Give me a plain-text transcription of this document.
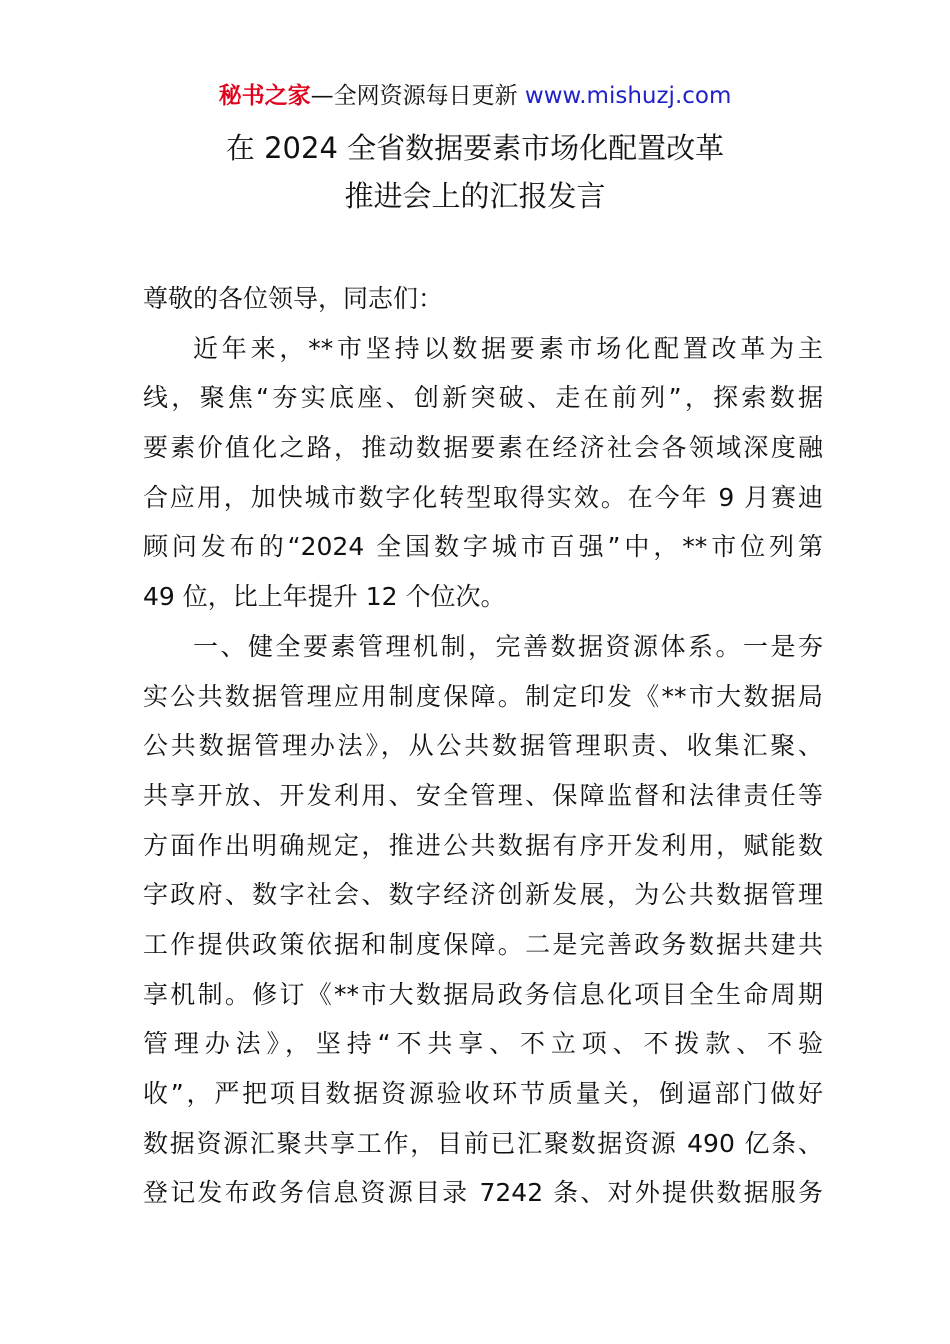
秘书之家—全网资源每日更新 www.mishuzj.com
在 2024 全省数据要素市场化配置改革
推进会上的汇报发言
尊敬的各位领导，同志们：
近年来，**市坚持以数据要素市场化配置改革为主
线，聚焦“夯实底座、创新突破、走在前列”，探索数据
要素价值化之路，推动数据要素在经济社会各领域深度融
合应用，加快城市数字化转型取得实效。在今年 9 月赛迪
顾问发布的“2024 全国数字城市百强”中，**市位列第
49 位，比上年提升 12 个位次。
一、健全要素管理机制，完善数据资源体系。一是夯
实公共数据管理应用制度保障。制定印发《**市大数据局
公共数据管理办法》，从公共数据管理职责、收集汇聚、
共享开放、开发利用、安全管理、保障监督和法律责任等
方面作出明确规定，推进公共数据有序开发利用，赋能数
字政府、数字社会、数字经济创新发展，为公共数据管理
工作提供政策依据和制度保障。二是完善政务数据共建共
享机制。修订《**市大数据局政务信息化项目全生命周期
管理办法》，坚持“不共享、不立项、不拨款、不验
收”，严把项目数据资源验收环节质量关，倒逼部门做好
数据资源汇聚共享工作，目前已汇聚数据资源 490 亿条、
登记发布政务信息资源目录 7242 条、对外提供数据服务
